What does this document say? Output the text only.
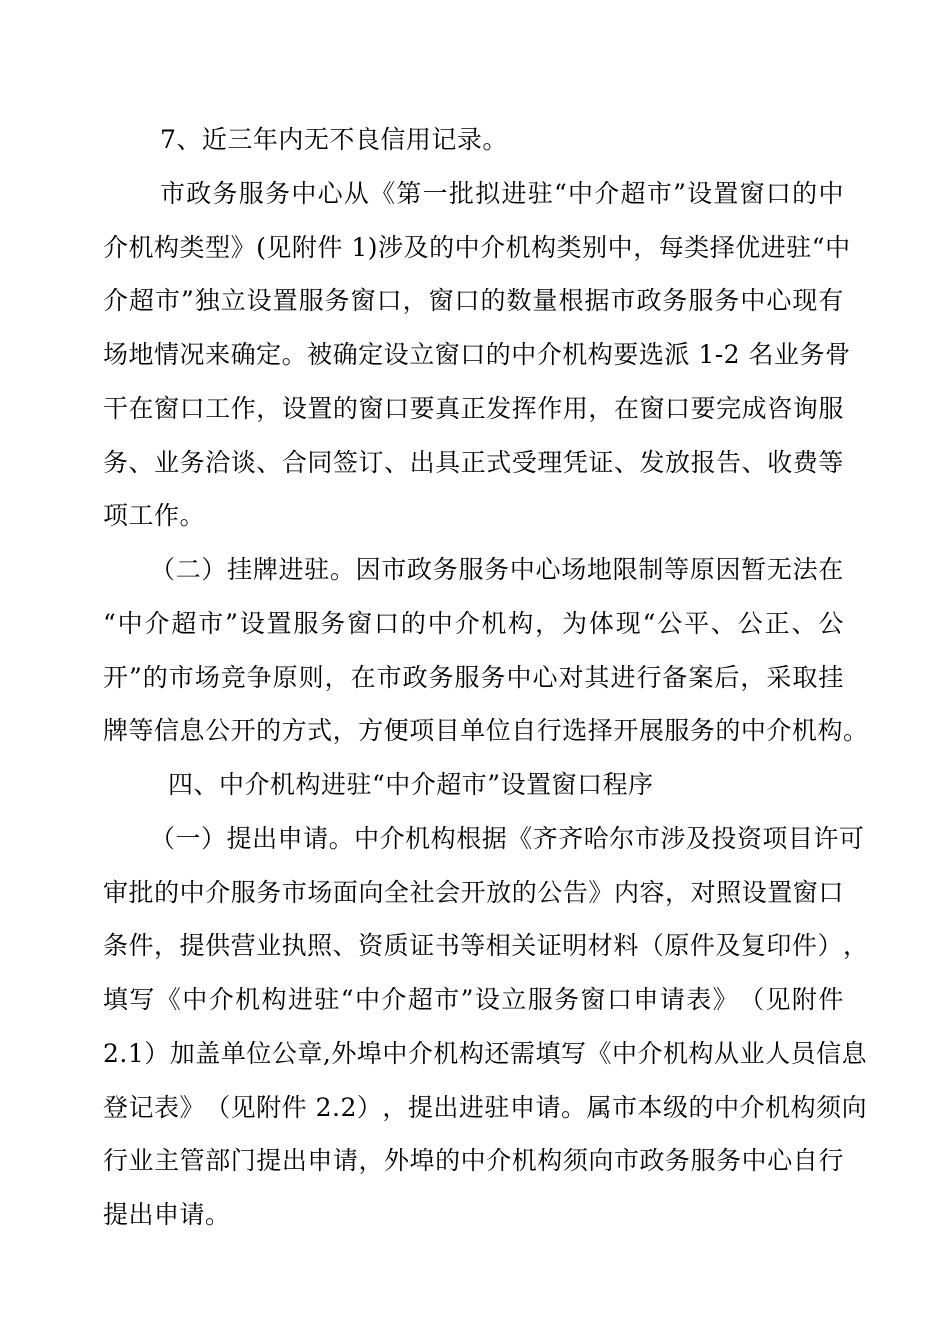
7、近三年内无不良信用记录。
市 政 务 服 务 中 心 从 《 第 一 批 拟 进 驻 “ 中 介 超 市 ” 设 置 窗 口 的 中
介 机 构 类 型 》 ( 见 附 件
1 ) 涉 及 的 中 介 机 构 类 别 中 ， 每 类 择 优 进 驻 “ 中
介 超 市 ” 独 立 设 置 服 务 窗 口 ， 窗 口 的 数 量 根 据 市 政 务 服 务 中 心 现 有
场 地 情 况 来 确 定 。 被 确 定 设 立 窗 口 的 中 介 机 构 要 选 派
1 - 2
名 业 务 骨
干 在 窗 口 工 作 ， 设 置 的 窗 口 要 真 正 发 挥 作 用 ， 在 窗 口 要 完 成 咨 询 服
务 、 业 务 洽 谈 、 合 同 签 订 、 出 具 正 式 受 理 凭 证 、 发 放 报 告 、 收 费 等
项工作。
（ 二 ） 挂 牌 进 驻 。 因 市 政 务 服 务 中 心 场 地 限 制 等 原 因 暂 无 法 在
“ 中 介 超 市 ” 设 置 服 务 窗 口 的 中 介 机 构 ， 为 体 现 “ 公 平 、 公 正 、 公
开 ” 的 市 场 竞 争 原 则 ， 在 市 政 务 服 务 中 心 对 其 进 行 备 案 后 ， 采 取 挂
牌 等 信 息 公 开 的 方 式 ， 方 便 项 目 单 位 自 行 选 择 开 展 服 务 的 中 介 机 构 。
四、中介机构进驻“中介超市”设置窗口程序
（ 一 ） 提 出 申 请 。 中 介 机 构 根 据 《 齐 齐 哈 尔 市 涉 及 投 资 项 目 许 可
审 批 的 中 介 服 务 市 场 面 向 全 社 会 开 放 的 公 告 》 内 容 ， 对 照 设 置 窗 口
条 件 ， 提 供 营 业 执 照 、 资 质 证 书 等 相 关 证 明 材 料 （ 原 件 及 复 印 件 ） ，
填 写 《 中 介 机 构 进 驻 “ 中 介 超 市 ” 设 立 服 务 窗 口 申 请 表 》 （ 见 附 件
2 . 1 ） 加 盖 单 位 公 章 , 外 埠 中 介 机 构 还 需 填 写 《 中 介 机 构 从 业 人 员 信 息
登 记 表 》 （ 见 附 件
2 . 2 ） ， 提 出 进 驻 申 请 。 属 市 本 级 的 中 介 机 构 须 向
行 业 主 管 部 门 提 出 申 请 ， 外 埠 的 中 介 机 构 须 向 市 政 务 服 务 中 心 自 行
提出申请。
